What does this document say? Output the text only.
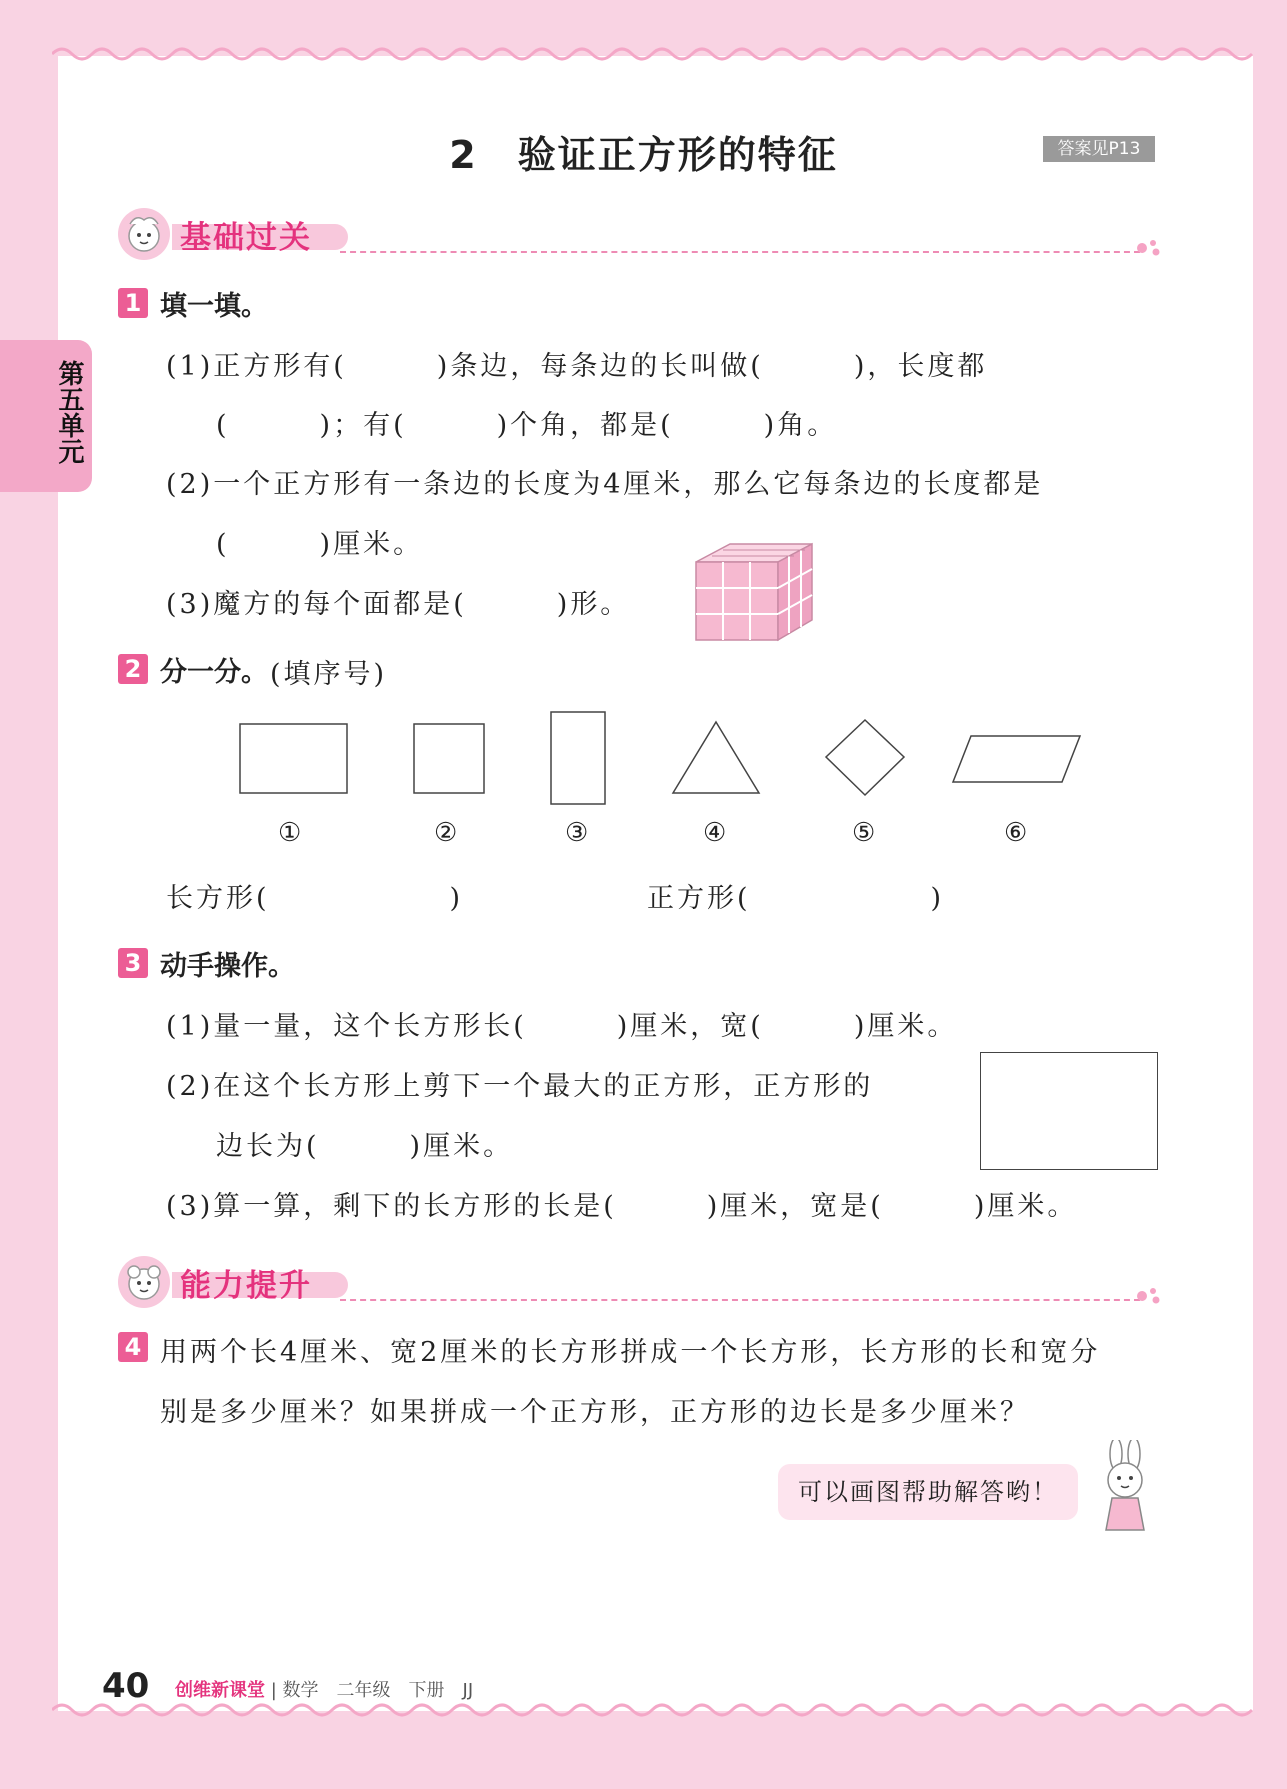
2　验证正方形的特征	答案见P13
第五单元
基础过关
1 填一填。
(1)正方形有(　　　)条边，每条边的长叫做(　　　)，长度都
(　　　)；有(　　　)个角，都是(　　　)角。
(2)一个正方形有一条边的长度为4厘米，那么它每条边的长度都是
(　　　)厘米。
(3)魔方的每个面都是(　　　)形。
2 分一分。 (填序号)
①	②	③	④	⑤	⑥
长方形(　　　　　　)	正方形(　　　　　　)
3 动手操作。
(1)量一量，这个长方形长(　　　)厘米，宽(　　　)厘米。
(2)在这个长方形上剪下一个最大的正方形，正方形的
边长为(　　　)厘米。
(3)算一算，剩下的长方形的长是(　　　)厘米，宽是(　　　)厘米。
能力提升
4 用两个长4厘米、宽2厘米的长方形拼成一个长方形，长方形的长和宽分
别是多少厘米？如果拼成一个正方形，正方形的边长是多少厘米？
可以画图帮助解答哟！
40 创维新课堂 | 数学　二年级　下册　JJ
